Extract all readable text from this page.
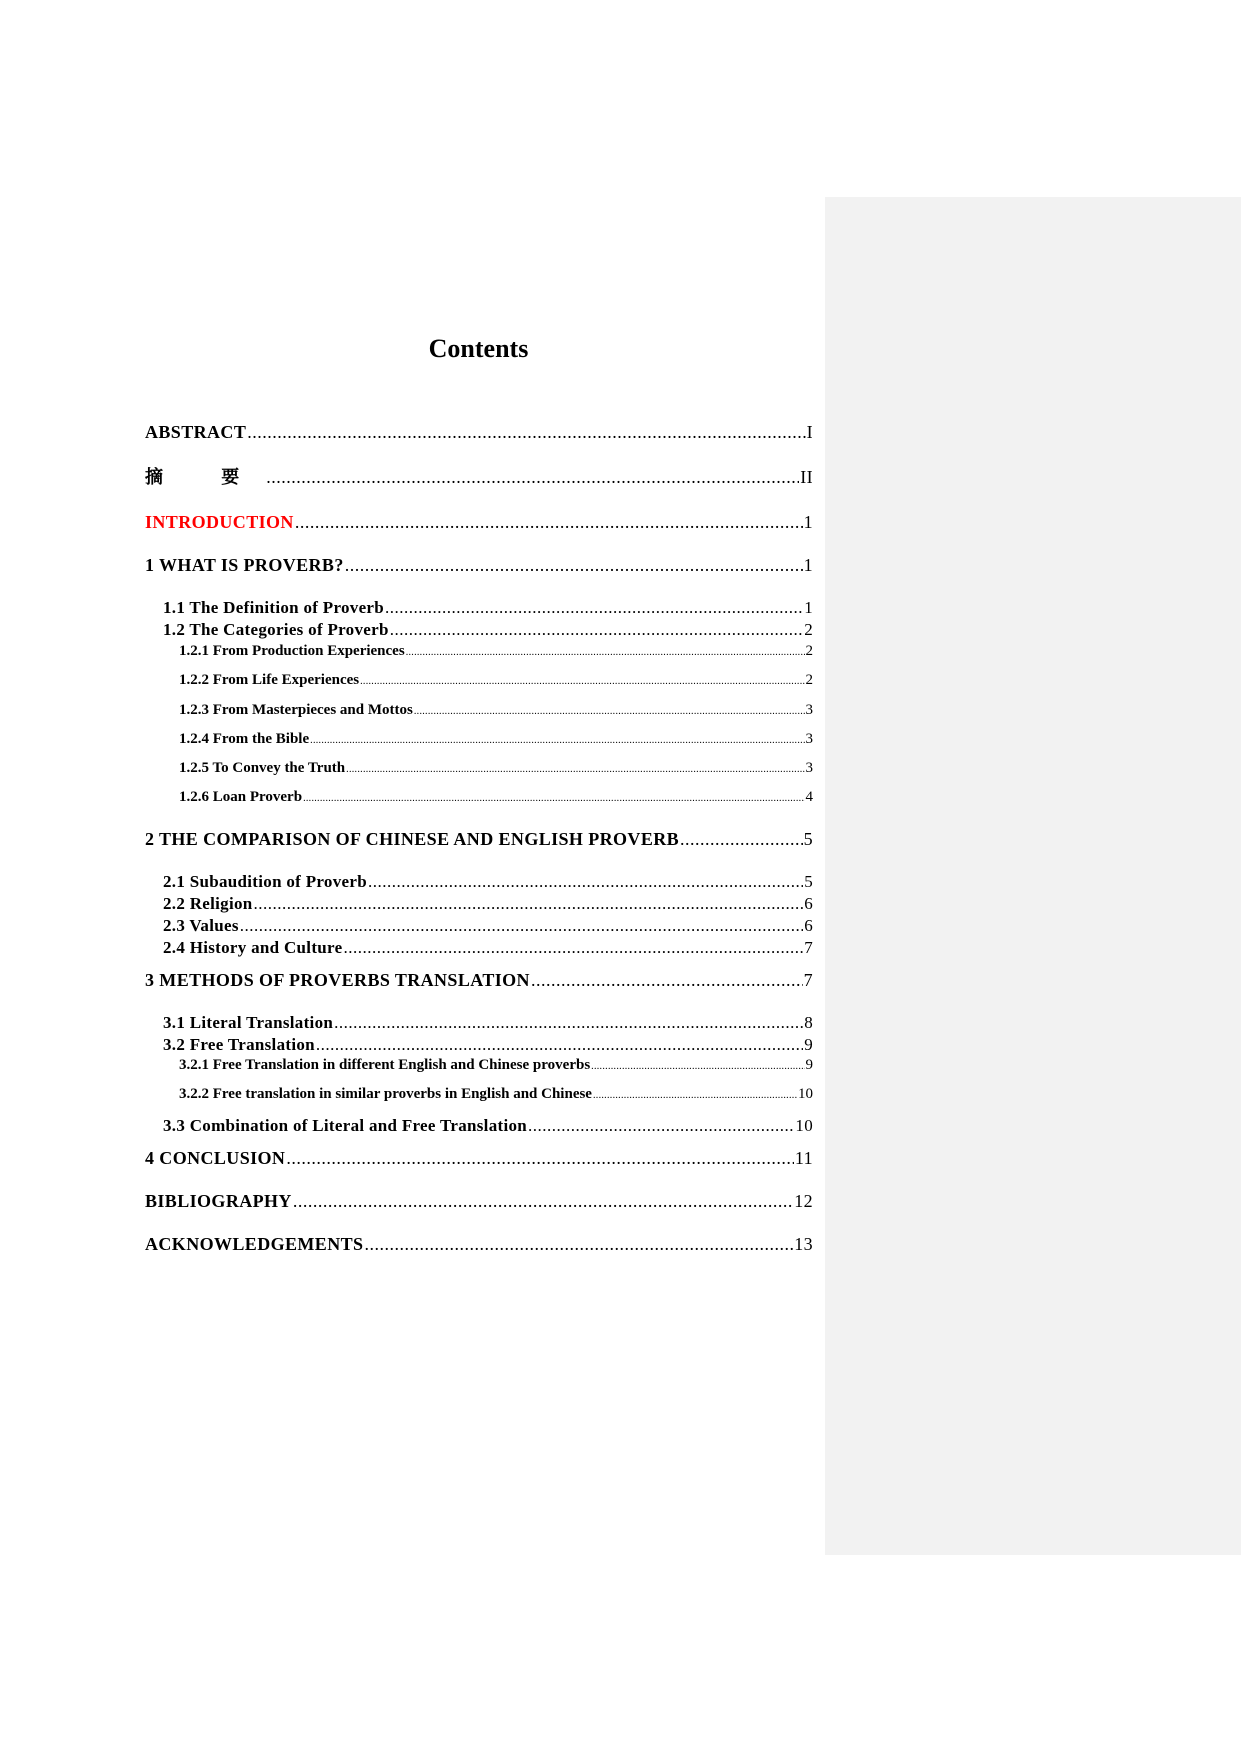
Contents
ABSTRACT .....	I
摘 要 .....	II
INTRODUCTION .....	1
1 WHAT IS PROVERB? .....	1
1.1 The Definition of Proverb .....	1
1.2 The Categories of Proverb .....	2
1.2.1 From Production Experiences .....	2
1.2.2 From Life Experiences .....	2
1.2.3 From Masterpieces and Mottos .....	3
1.2.4 From the Bible .....	3
1.2.5 To Convey the Truth .....	3
1.2.6 Loan Proverb .....	4
2 THE COMPARISON OF CHINESE AND ENGLISH PROVERB .....	5
2.1 Subaudition of Proverb .....	5
2.2 Religion .....	6
2.3 Values .....	6
2.4 History and Culture .....	7
3 METHODS OF PROVERBS TRANSLATION .....	7
3.1 Literal Translation .....	8
3.2 Free Translation .....	9
3.2.1 Free Translation in different English and Chinese proverbs .....	9
3.2.2 Free translation in similar proverbs in English and Chinese .....	10
3.3 Combination of Literal and Free Translation .....	10
4 CONCLUSION .....	11
BIBLIOGRAPHY .....	12
ACKNOWLEDGEMENTS .....	13
